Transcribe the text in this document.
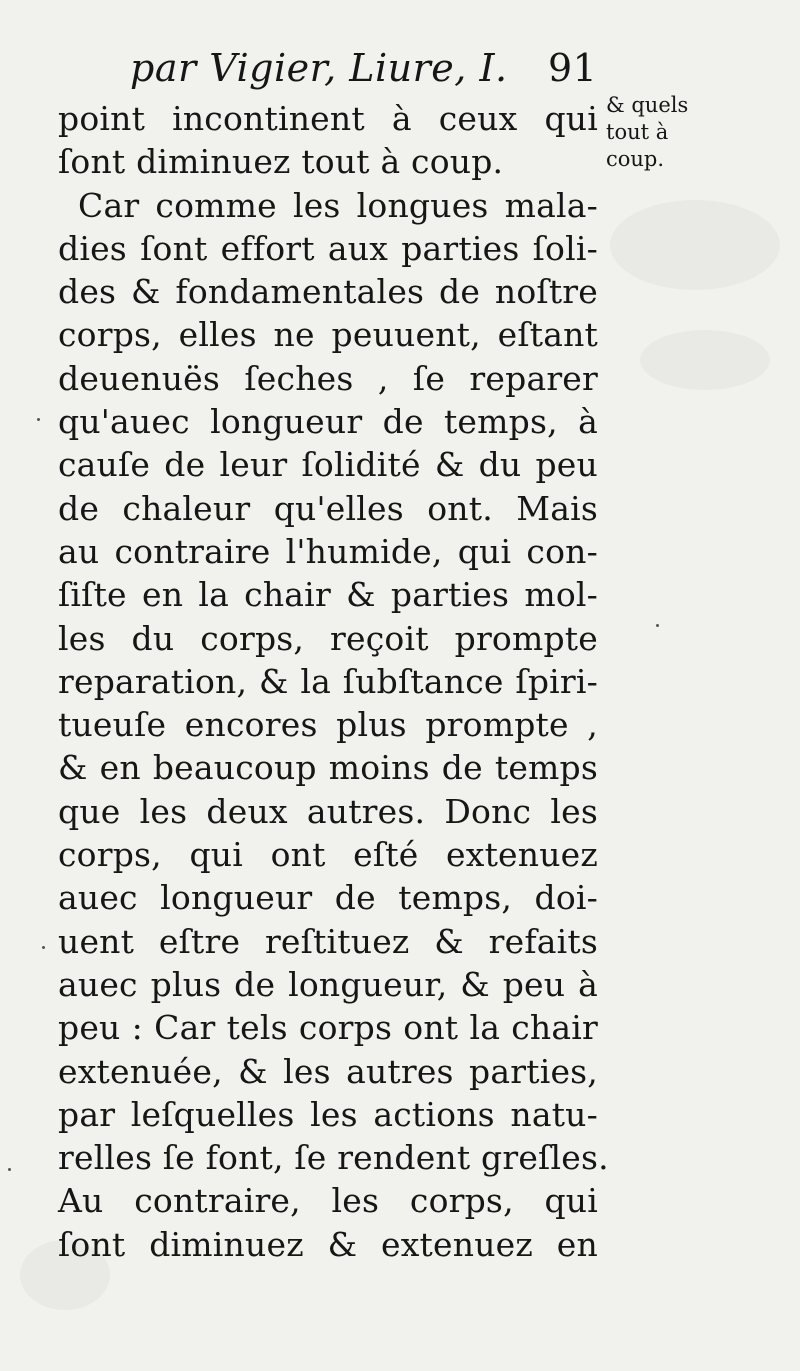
par Vigier, Liure, I. 91
& quels
tout à
coup.
point incontinent à ceux qui
ſont diminuez tout à coup.
Car comme les longues mala-
dies ſont effort aux parties ſoli-
des & fondamentales de noſtre
corps, elles ne peuuent, eſtant
deuenuës ſeches , ſe reparer
qu'auec longueur de temps, à
cauſe de leur ſolidité & du peu
de chaleur qu'elles ont. Mais
au contraire l'humide, qui con-
ſiſte en la chair & parties mol-
les du corps, reçoit prompte
reparation, & la ſubſtance ſpiri-
tueuſe encores plus prompte ,
& en beaucoup moins de temps
que les deux autres. Donc les
corps, qui ont eſté extenuez
auec longueur de temps, doi-
uent eſtre reſtituez & refaits
auec plus de longueur, & peu à
peu : Car tels corps ont la chair
extenuée, & les autres parties,
par leſquelles les actions natu-
relles ſe font, ſe rendent greſles.
Au contraire, les corps, qui
ſont diminuez & extenuez en
